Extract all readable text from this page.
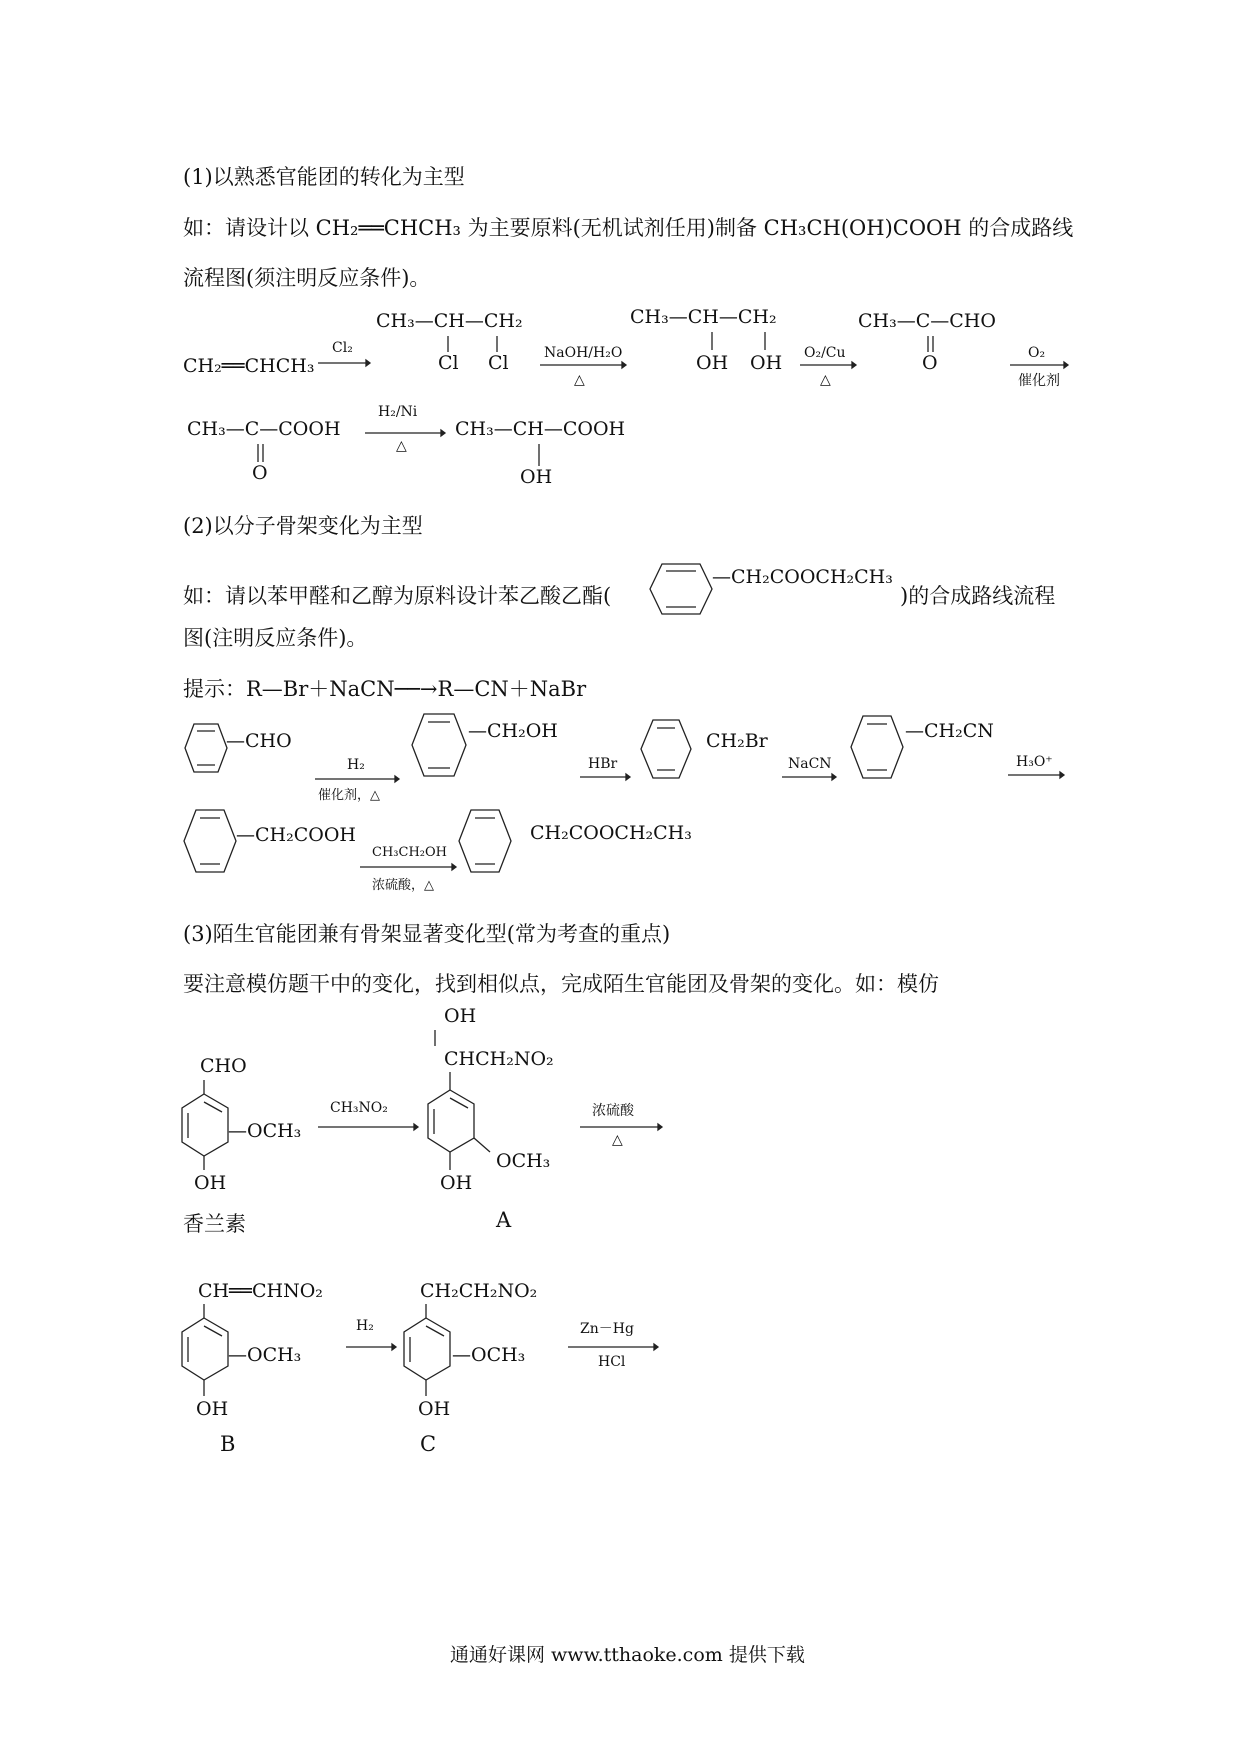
(1)以熟悉官能团的转化为主型
如：请设计以 CH₂══CHCH₃ 为主要原料(无机试剂任用)制备 CH₃CH(OH)COOH 的合成路线
流程图(须注明反应条件)。
CH₂══CHCH₃
Cl₂
CH₃—CH—CH₂
Cl Cl	NaOH/H₂O
△
CH₃—CH—CH₂
OH OH O₂/Cu
△
CH₃—C—CHO
O	O₂
催化剂
CH₃—C—COOH
O
H₂/Ni
△
CH₃—CH—COOH
OH
(2)以分子骨架变化为主型
如：请以苯甲醛和乙醇为原料设计苯乙酸乙酯(
—CH₂COOCH₂CH₃
)的合成路线流程
图(注明反应条件)。
提示：R—Br＋NaCN──→R—CN＋NaBr
—CHO
H₂
催化剂，△
—CH₂OH
HBr
CH₂Br
NaCN
—CH₂CN
H₃O⁺
—CH₂COOH
CH₃CH₂OH
浓硫酸，△
CH₂COOCH₂CH₃
(3)陌生官能团兼有骨架显著变化型(常为考查的重点)
要注意模仿题干中的变化，找到相似点，完成陌生官能团及骨架的变化。如：模仿
CHO
—OCH₃
OH
香兰素
CH₃NO₂
OH
CHCH₂NO₂
OCH₃
OH
A
浓硫酸
△
CH══CHNO₂
—OCH₃
OH
B
H₂
CH₂CH₂NO₂
—OCH₃
OH
C
Zn－Hg
HCl
通通好课网 www.tthaoke.com 提供下载
